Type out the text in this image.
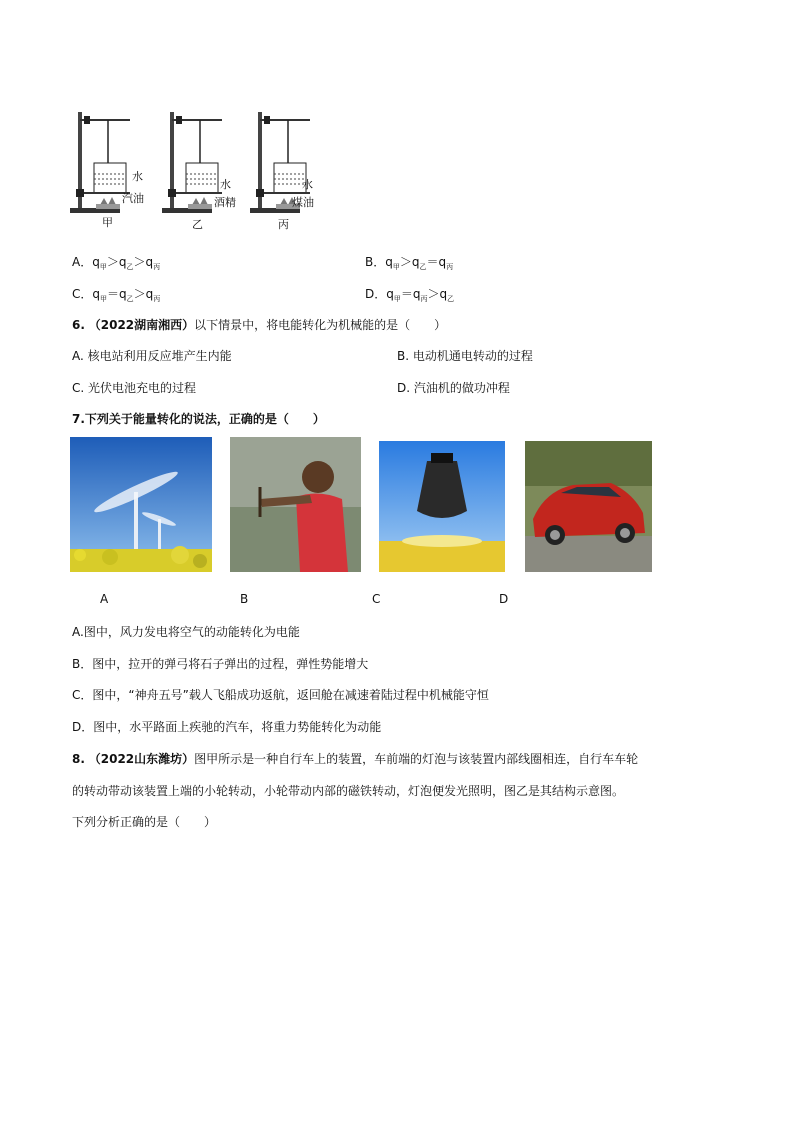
水
汽油
甲
水
酒精
乙
水
煤油
丙
A．$q_甲>q_乙>q_丙$	B．$q_甲>q_乙=q_丙$
C．$q_甲=q_乙>q_丙$	D．$q_甲=q_丙>q_乙$
6. （2022湖南湘西）以下情景中，将电能转化为机械能的是（　　）
A. 核电站利用反应堆产生内能	B. 电动机通电转动的过程
C. 光伏电池充电的过程	D. 汽油机的做功冲程
7.下列关于能量转化的说法，正确的是（　　）
A	B	C	D
A.图中，风力发电将空气的动能转化为电能
B．图中，拉开的弹弓将石子弹出的过程，弹性势能增大
C．图中，“神舟五号”载人飞船成功返航，返回舱在减速着陆过程中机械能守恒
D．图中，水平路面上疾驰的汽车，将重力势能转化为动能
8. （2022山东潍坊）图甲所示是一种自行车上的装置，车前端的灯泡与该装置内部线圈相连，自行车车轮
的转动带动该装置上端的小轮转动，小轮带动内部的磁铁转动，灯泡便发光照明，图乙是其结构示意图。
下列分析正确的是（　　）
